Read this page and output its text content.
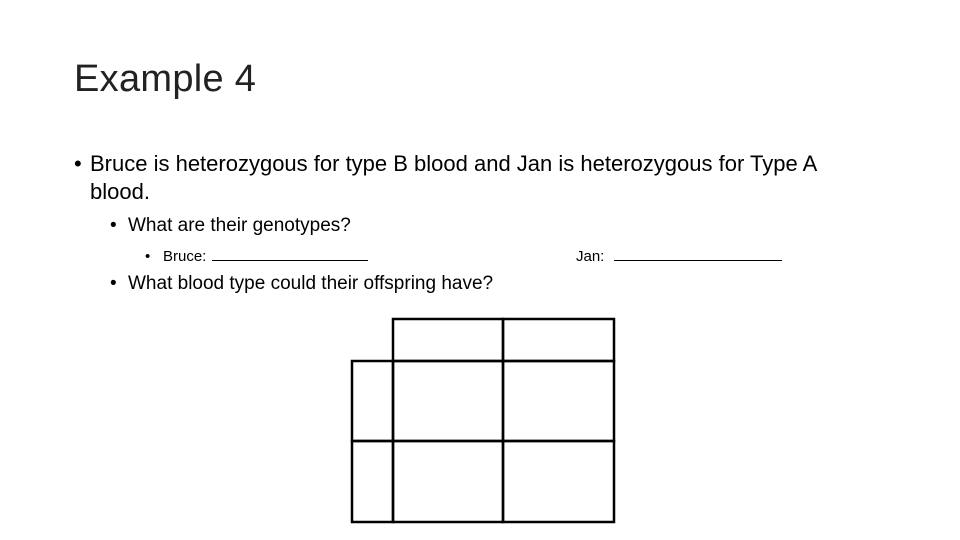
Example 4
• Bruce is heterozygous for type B blood and Jan is heterozygous for Type A blood.
• What are their genotypes?
• Bruce:	Jan:
• What blood type could their offspring have?
